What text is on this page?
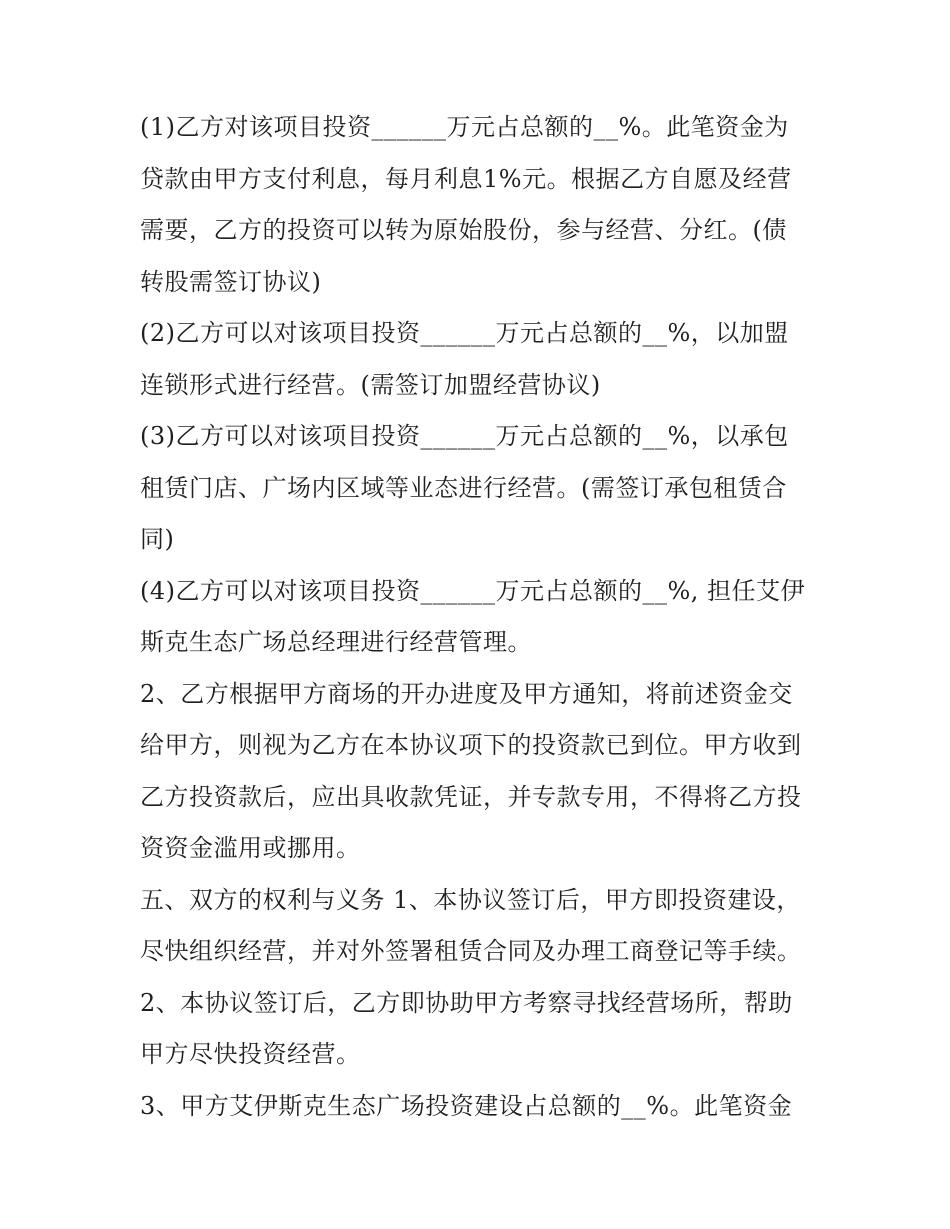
(1)乙方对该项目投资______万元占总额的__%。此笔资金为
贷款由甲方支付利息，每月利息1%元。根据乙方自愿及经营
需要，乙方的投资可以转为原始股份，参与经营、分红。(债
转股需签订协议)
(2)乙方可以对该项目投资______万元占总额的__%，以加盟
连锁形式进行经营。(需签订加盟经营协议)
(3)乙方可以对该项目投资______万元占总额的__%，以承包
租赁门店、广场内区域等业态进行经营。(需签订承包租赁合
同)
(4)乙方可以对该项目投资______万元占总额的__%, 担任艾伊
斯克生态广场总经理进行经营管理。
2、乙方根据甲方商场的开办进度及甲方通知，将前述资金交
给甲方，则视为乙方在本协议项下的投资款已到位。甲方收到
乙方投资款后，应出具收款凭证，并专款专用，不得将乙方投
资资金滥用或挪用。
五、双方的权利与义务 1、本协议签订后，甲方即投资建设，
尽快组织经营，并对外签署租赁合同及办理工商登记等手续。
2、本协议签订后，乙方即协助甲方考察寻找经营场所，帮助
甲方尽快投资经营。
3、甲方艾伊斯克生态广场投资建设占总额的__%。此笔资金
